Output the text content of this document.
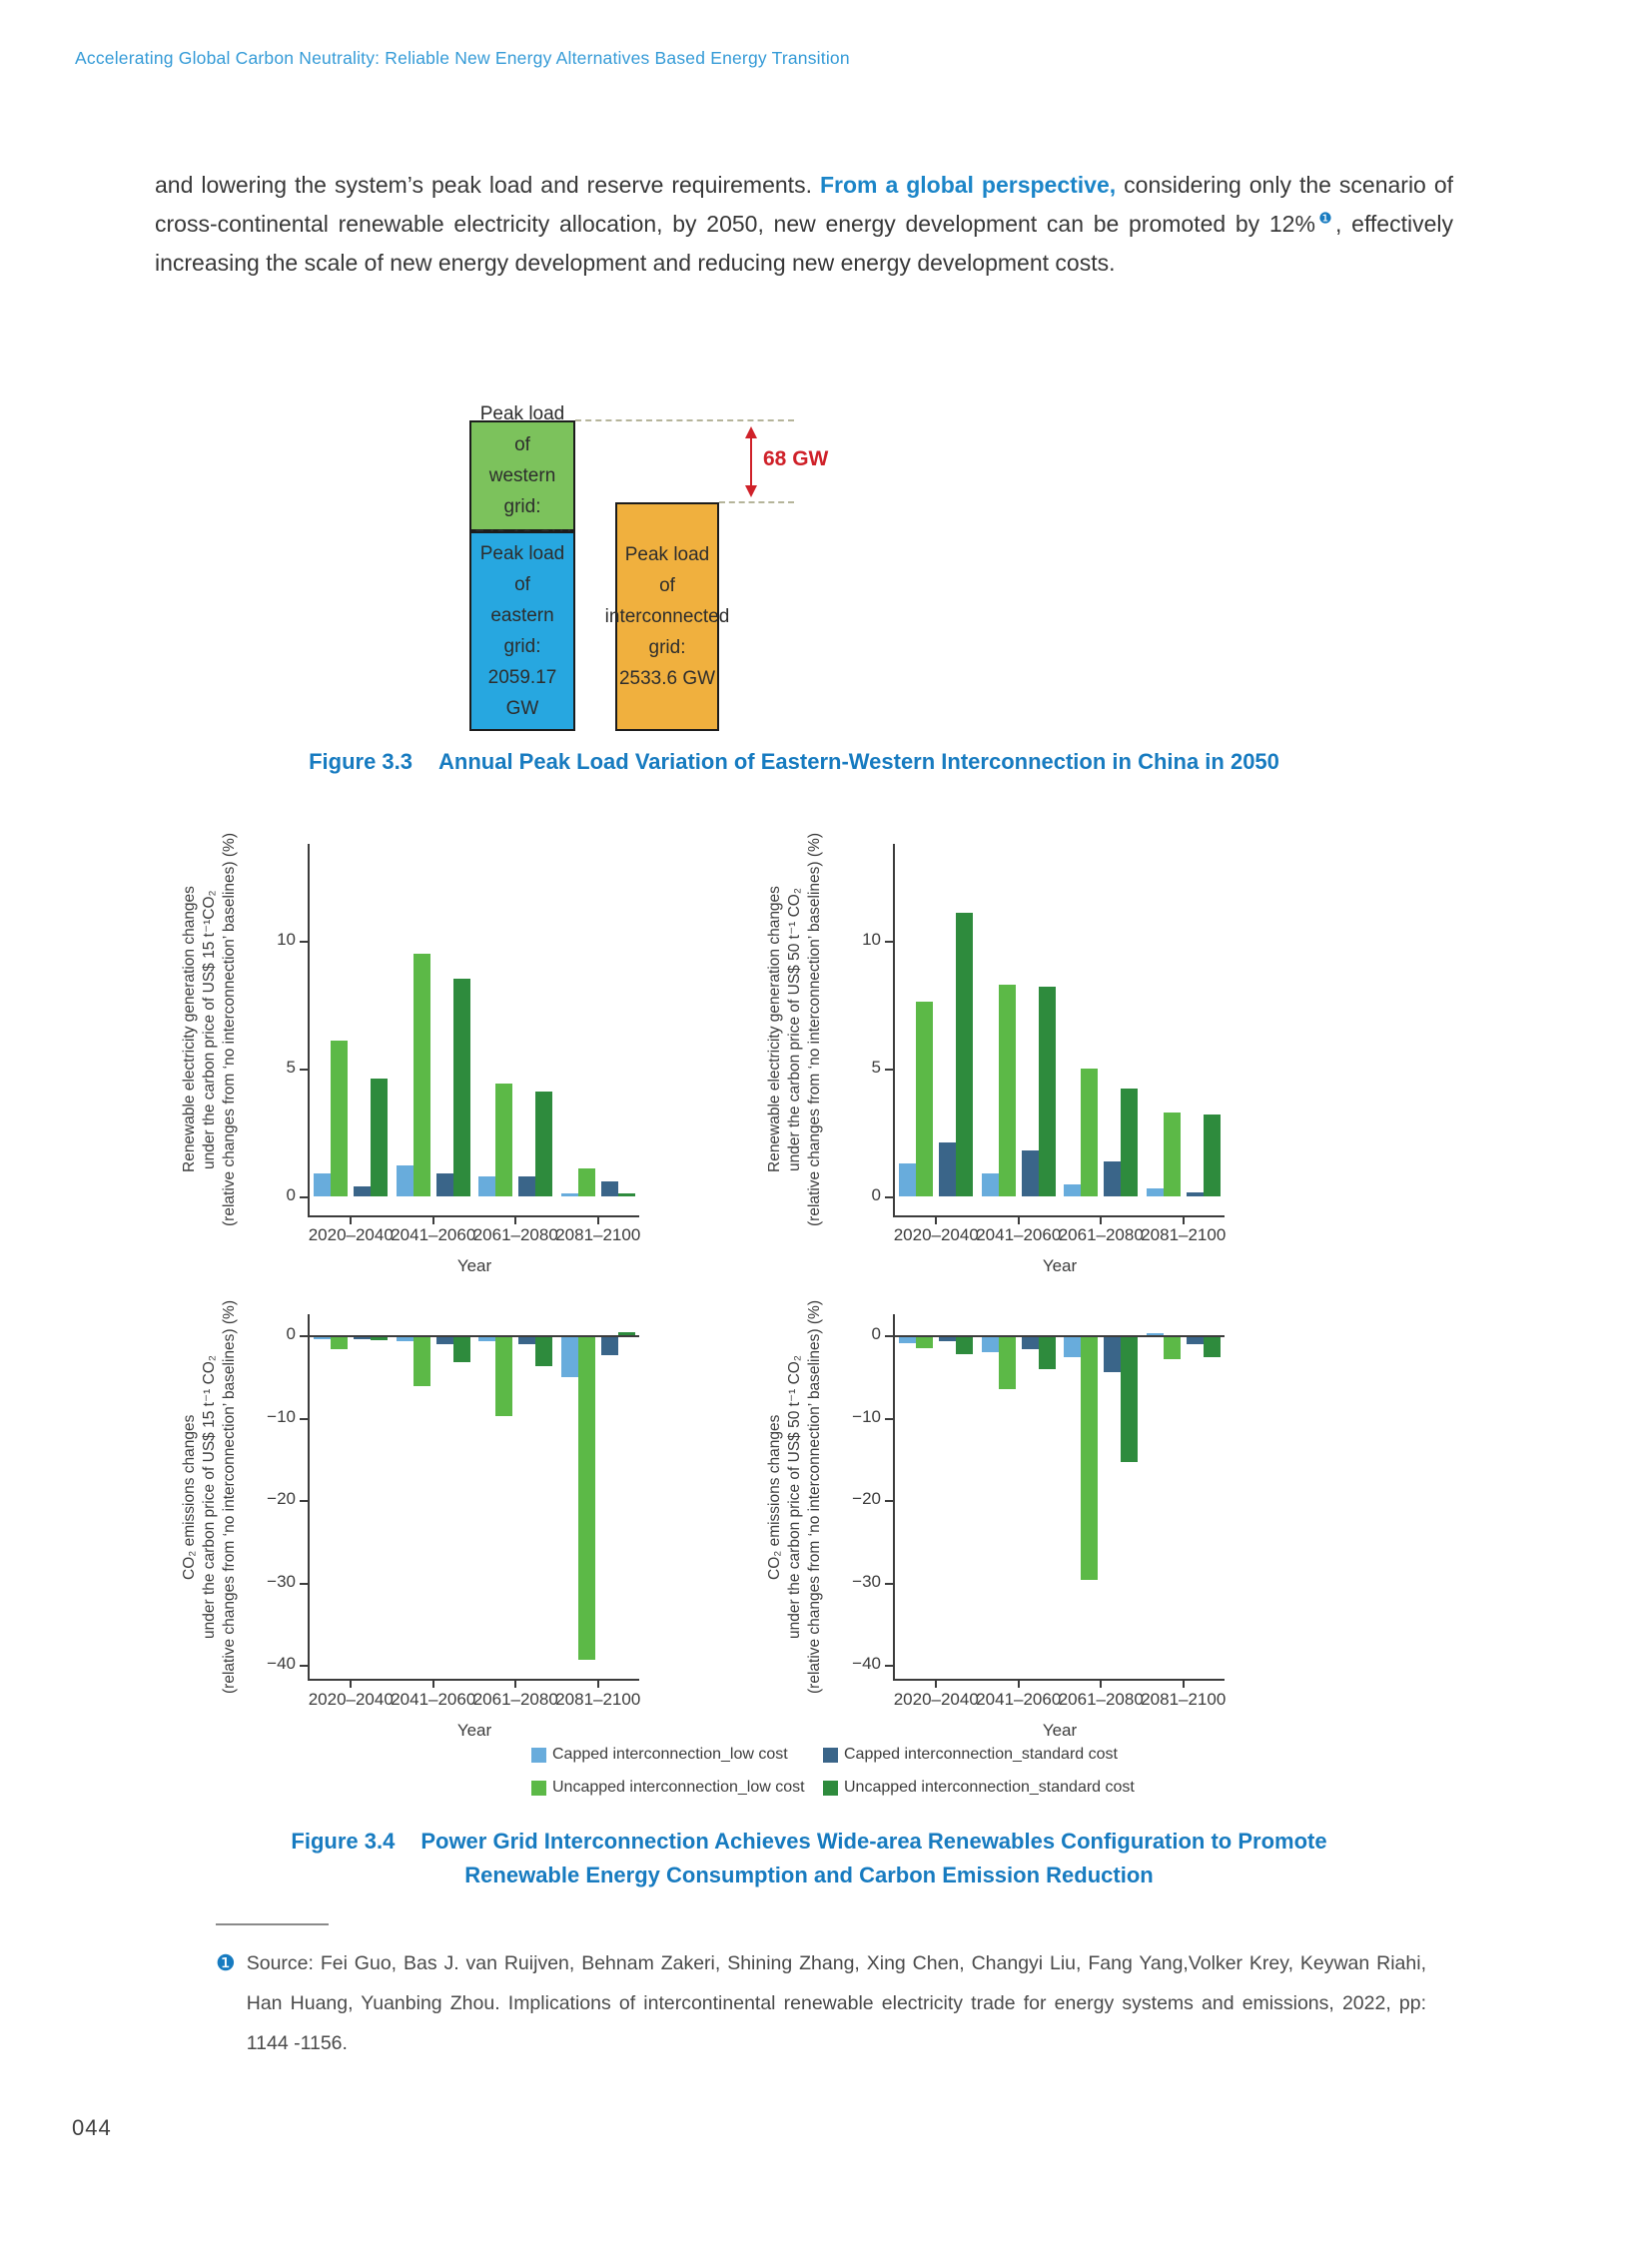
Accelerating Global Carbon Neutrality: Reliable New Energy Alternatives Based Energy Transition
and lowering the system’s peak load and reserve requirements. From a global perspective, considering only the scenario of cross-continental renewable electricity allocation, by 2050, new energy development can be promoted by 12%$^❶$, effectively increasing the scale of new energy development and reducing new energy development costs.
Peak load of
western grid:
Peak load of
eastern grid:
2059.17 GW
Peak load of
interconnected
grid:
2533.6 GW
68 GW
Figure 3.3 Annual Peak Load Variation of Eastern-Western Interconnection in China in 2050
0
5
10
2020–2040
2041–2060
2061–2080
2081–2100
Year
Renewable electricity generation changes under the carbon price of US$ 15 t⁻¹CO₂ (relative changes from ‘no interconnection’ baselines) (%)	0
5
10
2020–2040
2041–2060
2061–2080
2081–2100
Year
Renewable electricity generation changes under the carbon price of US$ 50 t⁻¹ CO₂ (relative changes from ‘no interconnection’ baselines) (%)
0
−10
−20
−30
−40
2020–2040
2041–2060
2061–2080
2081–2100
Year
CO₂ emissions changes under the carbon price of US$ 15 t⁻¹ CO₂ (relative changes from ‘no interconnection’ baselines) (%)	0
−10
−20
−30
−40
2020–2040
2041–2060
2061–2080
2081–2100
Year
CO₂ emissions changes under the carbon price of US$ 50 t⁻¹ CO₂ (relative changes from ‘no interconnection’ baselines) (%)
Capped interconnection_low cost	Capped interconnection_standard cost
Uncapped interconnection_low cost Uncapped interconnection_standard cost
Figure 3.4 Power Grid Interconnection Achieves Wide-area Renewables Configuration to Promote
Renewable Energy Consumption and Carbon Emission Reduction
❶ Source: Fei Guo, Bas J. van Ruijven, Behnam Zakeri, Shining Zhang, Xing Chen, Changyi Liu, Fang Yang,Volker Krey, Keywan Riahi, Han Huang, Yuanbing Zhou. Implications of intercontinental renewable electricity trade for energy systems and emissions, 2022, pp: 1144 -1156.
044
